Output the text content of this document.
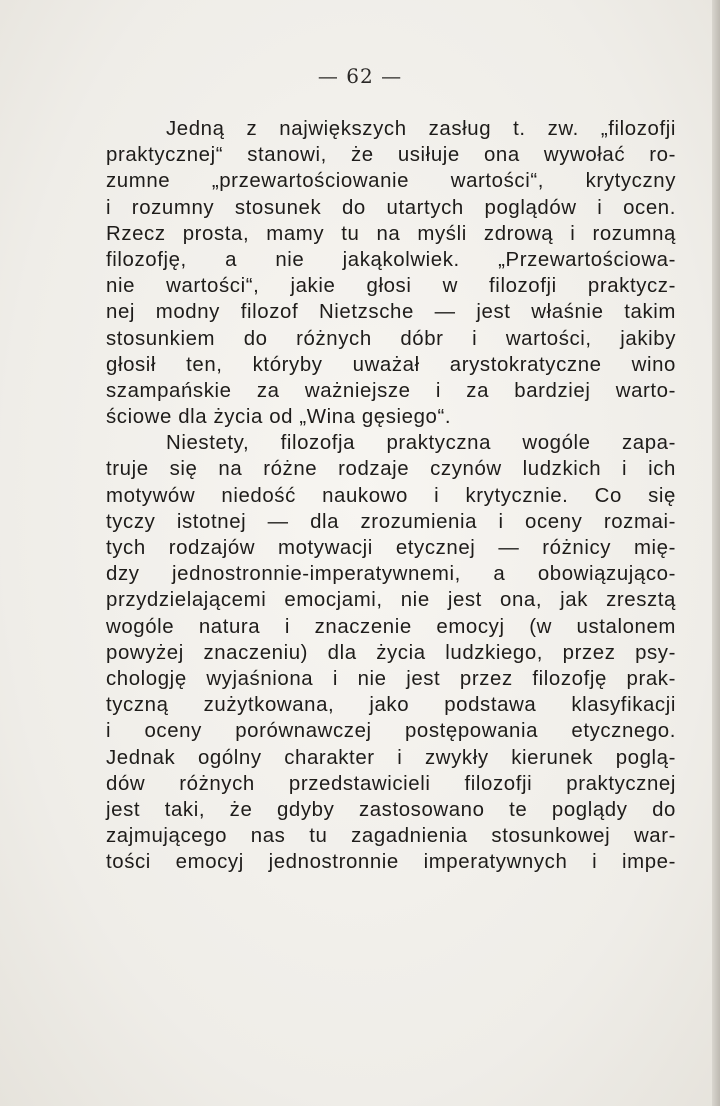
— 62 —
Jedną z największych zasług t. zw. „filozofji
praktycznej“ stanowi, że usiłuje ona wywołać ro-
zumne „przewartościowanie wartości“, krytyczny
i rozumny stosunek do utartych poglądów i ocen.
Rzecz prosta, mamy tu na myśli zdrową i rozumną
filozofję, a nie jakąkolwiek. „Przewartościowa-
nie wartości“, jakie głosi w filozofji praktycz-
nej modny filozof Nietzsche — jest właśnie takim
stosunkiem do różnych dóbr i wartości, jakiby
głosił ten, któryby uważał arystokratyczne wino
szampańskie za ważniejsze i za bardziej warto-
ściowe dla życia od „Wina gęsiego“.
Niestety, filozofja praktyczna wogóle zapa-
truje się na różne rodzaje czynów ludzkich i ich
motywów niedość naukowo i krytycznie. Co się
tyczy istotnej — dla zrozumienia i oceny rozmai-
tych rodzajów motywacji etycznej — różnicy mię-
dzy jednostronnie-imperatywnemi, a obowiązująco-
przydzielającemi emocjami, nie jest ona, jak zresztą
wogóle natura i znaczenie emocyj (w ustalonem
powyżej znaczeniu) dla życia ludzkiego, przez psy-
chologję wyjaśniona i nie jest przez filozofję prak-
tyczną zużytkowana, jako podstawa klasyfikacji
i oceny porównawczej postępowania etycznego.
Jednak ogólny charakter i zwykły kierunek poglą-
dów różnych przedstawicieli filozofji praktycznej
jest taki, że gdyby zastosowano te poglądy do
zajmującego nas tu zagadnienia stosunkowej war-
tości emocyj jednostronnie imperatywnych i impe-
